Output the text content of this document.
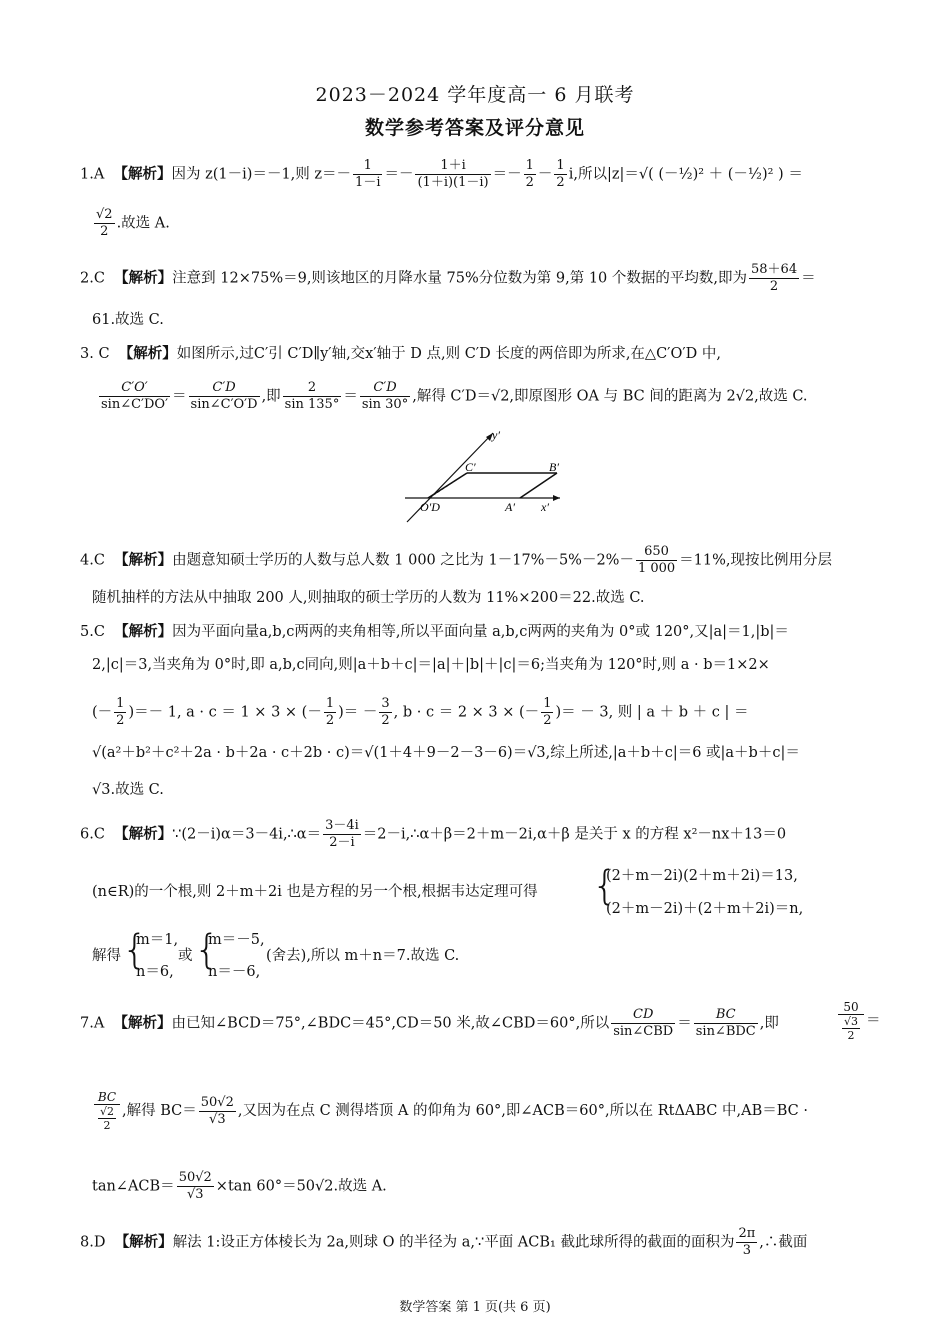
2023－2024 学年度高一 6 月联考
数学参考答案及评分意见
1.A 【解析】因为 z(1－i)＝－1,则 $z=- \frac{1}{1-i} =- \frac{1+i}{(1+i)(1-i)} =- \frac{1}{2} - \frac{1}{2} i$,所以|z|＝√( (－½)² ＋ (－½)² ) ＝
$\frac{√2}{2}$ .故选 A.
2.C 【解析】注意到 12×75%＝9,则该地区的月降水量 75%分位数为第 9,第 10 个数据的平均数,即为 $\frac{58+64}{2}$ ＝
61.故选 C.
3. C 【解析】如图所示,过C′引 C′D∥y′轴,交x′轴于 D 点,则 C′D 长度的两倍即为所求,在△C′O′D 中,
$\frac{C'O'}{\sin\angle C'DO'} = \frac{C'D}{\sin\angle C'O'D}$ ,即 $\frac{2}{\sin 135^\circ} = \frac{C'D}{\sin 30^\circ}$ ,解得 C′D＝√2,即原图形 OA 与 BC 间的距离为 2√2,故选 C.
y′
x′
C′	B′
A′
O′D
4.C 【解析】由题意知硕士学历的人数与总人数 1 000 之比为 $1-17\%-5\%-2\%- \frac{650}{1 000} =11\%$,现按比例用分层
随机抽样的方法从中抽取 200 人,则抽取的硕士学历的人数为 11%×200＝22.故选 C.
5.C 【解析】因为平面向量a,b,c两两的夹角相等,所以平面向量 a,b,c两两的夹角为 0°或 120°,又|a|＝1,|b|＝
2,|c|＝3,当夹角为 0°时,即 a,b,c同向,则|a＋b＋c|＝|a|＋|b|＋|c|＝6;当夹角为 120°时,则 a · b＝1×2×
(－ $\frac{1}{2}$ )＝－ 1, a · c ＝ 1 × 3 × (－ $\frac{1}{2}$ )＝ － $\frac{3}{2}$ , b · c ＝ 2 × 3 × (－ $\frac{1}{2}$ )＝ － 3, 则 | a ＋ b ＋ c | ＝
√(a²＋b²＋c²＋2a · b＋2a · c＋2b · c)＝√(1＋4＋9－2－3－6)＝√3,综上所述,|a＋b＋c|＝6 或|a＋b＋c|＝
√3.故选 C.
6.C 【解析】∵(2－i)α＝3－4i,∴α＝ $\frac{3-4i}{2-i}$ ＝2－i,∴α＋β＝2＋m－2i,α＋β 是关于 x 的方程 x²－nx＋13＝0
(n∈R)的一个根,则 2＋m＋2i 也是方程的另一个根,根据韦达定理可得 {
(2＋m－2i)(2＋m＋2i)＝13,
(2＋m－2i)＋(2＋m＋2i)＝n,
解得 {
m＝1,
n＝6,
或 {
m＝－5,
n＝－6,
(舍去),所以 m＋n＝7.故选 C.
7.A 【解析】由已知∠BCD＝75°,∠BDC＝45°,CD＝50 米,故∠CBD＝60°,所以 $\frac{CD}{\text{sin∠CBD}} = \frac{BC}{\text{sin∠BDC}}$ ,即	$\frac{50}{\frac{√3}{2}}$ ＝
$\frac{BC}{\frac{√2}{2}}$ ,解得 $BC= \frac{50√2}{√3}$ ,又因为在点 C 测得塔顶 A 的仰角为 60°,即∠ACB＝60°,所以在 RtΔABC 中,AB＝BC ·
tan∠ACB＝ $\frac{50√2}{√3} \times\tan$ 60°＝50√2.故选 A.
8.D 【解析】解法 1:设正方体棱长为 2a,则球 O 的半径为 a,∵平面 ACB₁ 截此球所得的截面的面积为 $\frac{2\pi}{3}$ ,∴截面
数学答案 第 1 页(共 6 页)
